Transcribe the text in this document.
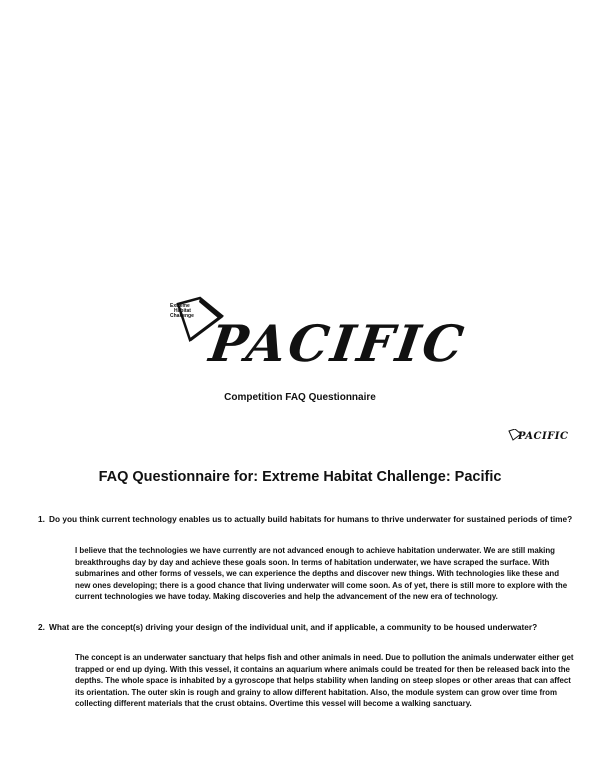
Extreme
Habitat
Challenge PACIFIC
Competition FAQ Questionnaire
PACIFIC
FAQ Questionnaire for: Extreme Habitat Challenge: Pacific
1. Do you think current technology enables us to actually build habitats for humans to thrive underwater for sustained periods of time?
I believe that the technologies we have currently are not advanced enough to achieve habitation underwater. We are still making breakthroughs day by day and achieve these goals soon. In terms of habitation underwater, we have scraped the surface. With submarines and other forms of vessels, we can experience the depths and discover new things. With technologies like these and new ones developing; there is a good chance that living underwater will come soon. As of yet, there is still more to explore with the current technologies we have today. Making discoveries and help the advancement of the new era of technology.
2. What are the concept(s) driving your design of the individual unit, and if applicable, a community to be housed underwater?
The concept is an underwater sanctuary that helps fish and other animals in need. Due to pollution the animals underwater either get trapped or end up dying. With this vessel, it contains an aquarium where animals could be treated for then be released back into the depths. The whole space is inhabited by a gyroscope that helps stability when landing on steep slopes or other areas that can affect its orientation. The outer skin is rough and grainy to allow different habitation. Also, the module system can grow over time from collecting different materials that the crust obtains. Overtime this vessel will become a walking sanctuary.
